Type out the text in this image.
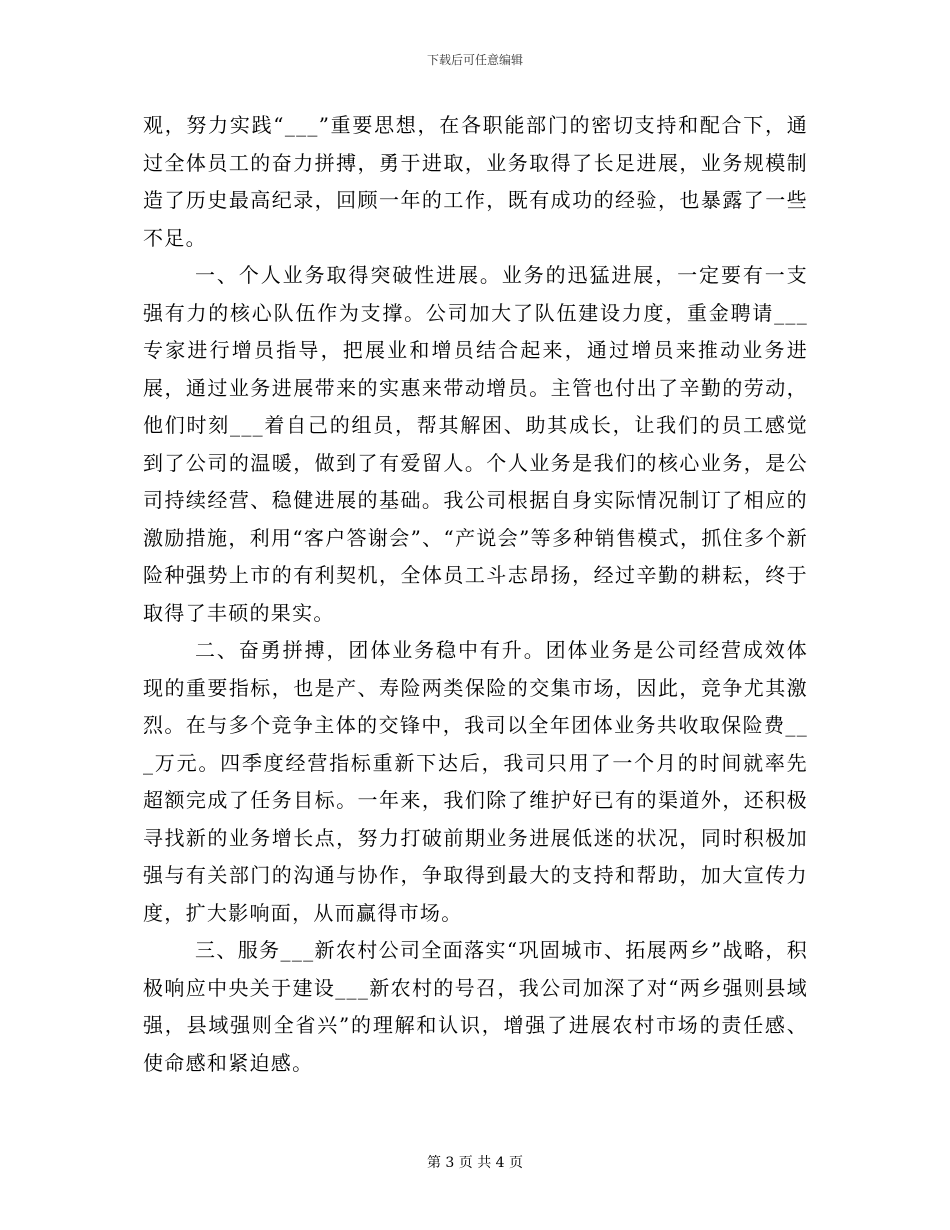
下载后可任意编辑

观，努力实践“___”重要思想，在各职能部门的密切支持和配合下，通过全体员工的奋力拼搏，勇于进取，业务取得了长足进展，业务规模制造了历史最高纪录，回顾一年的工作，既有成功的经验，也暴露了一些不足。

一、个人业务取得突破性进展。业务的迅猛进展，一定要有一支强有力的核心队伍作为支撑。公司加大了队伍建设力度，重金聘请___专家进行增员指导，把展业和增员结合起来，通过增员来推动业务进展，通过业务进展带来的实惠来带动增员。主管也付出了辛勤的劳动，他们时刻___着自己的组员，帮其解困、助其成长，让我们的员工感觉到了公司的温暖，做到了有爱留人。个人业务是我们的核心业务，是公司持续经营、稳健进展的基础。我公司根据自身实际情况制订了相应的激励措施，利用“客户答谢会”、“产说会”等多种销售模式，抓住多个新险种强势上市的有利契机，全体员工斗志昂扬，经过辛勤的耕耘，终于取得了丰硕的果实。

二、奋勇拼搏，团体业务稳中有升。团体业务是公司经营成效体现的重要指标，也是产、寿险两类保险的交集市场，因此，竞争尤其激烈。在与多个竞争主体的交锋中，我司以全年团体业务共收取保险费___万元。四季度经营指标重新下达后，我司只用了一个月的时间就率先超额完成了任务目标。一年来，我们除了维护好已有的渠道外，还积极寻找新的业务增长点，努力打破前期业务进展低迷的状况，同时积极加强与有关部门的沟通与协作，争取得到最大的支持和帮助，加大宣传力度，扩大影响面，从而赢得市场。

三、服务___新农村公司全面落实“巩固城市、拓展两乡”战略，积极响应中央关于建设___新农村的号召，我公司加深了对“两乡强则县域强，县域强则全省兴”的理解和认识，增强了进展农村市场的责任感、使命感和紧迫感。

第 3 页 共 4 页
